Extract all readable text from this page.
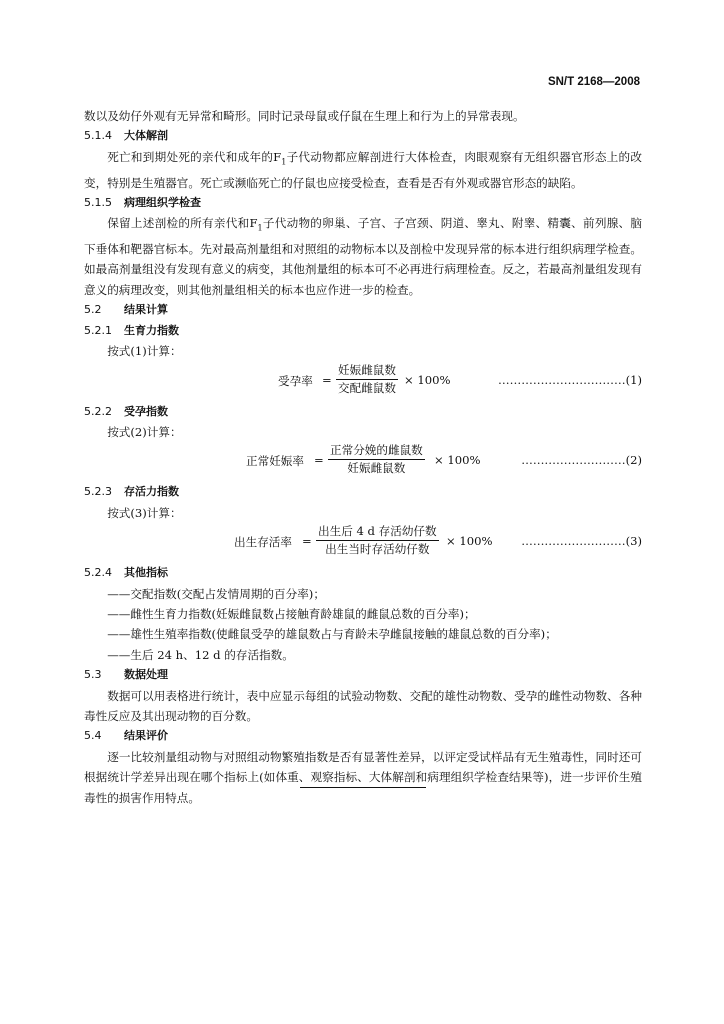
SN/T 2168—2008

数以及幼仔外观有无异常和畸形。同时记录母鼠或仔鼠在生理上和行为上的异常表现。

5.1.4 大体解剖

死亡和到期处死的亲代和成年的$F_1$子代动物都应解剖进行大体检查，肉眼观察有无组织器官形态上的改变，特别是生殖器官。死亡或濒临死亡的仔鼠也应接受检查，查看是否有外观或器官形态的缺陷。

5.1.5 病理组织学检查

保留上述剖检的所有亲代和$F_1$子代动物的卵巢、子宫、子宫颈、阴道、睾丸、附睾、精囊、前列腺、脑下垂体和靶器官标本。先对最高剂量组和对照组的动物标本以及剖检中发现异常的标本进行组织病理学检查。如最高剂量组没有发现有意义的病变，其他剂量组的标本可不必再进行病理检查。反之，若最高剂量组发现有意义的病理改变，则其他剂量组相关的标本也应作进一步的检查。

5.2 结果计算

5.2.1 生育力指数

按式(1)计算：

受孕率 =
妊娠雌鼠数
交配雌鼠数
× 100%	……………………………(1)

5.2.2 受孕指数

按式(2)计算：

正常妊娠率 =
正常分娩的雌鼠数
妊娠雌鼠数
× 100%	………………………(2)

5.2.3 存活力指数

按式(3)计算：

出生存活率 =
出生后 4 d 存活幼仔数
出生当时存活幼仔数
× 100% ………………………(3)

5.2.4 其他指标

——交配指数(交配占发情周期的百分率)；

——雌性生育力指数(妊娠雌鼠数占接触育龄雄鼠的雌鼠总数的百分率)；

——雄性生殖率指数(使雌鼠受孕的雄鼠数占与育龄未孕雌鼠接触的雄鼠总数的百分率)；

——生后 24 h、12 d 的存活指数。

5.3 数据处理

数据可以用表格进行统计，表中应显示每组的试验动物数、交配的雄性动物数、受孕的雌性动物数、各种毒性反应及其出现动物的百分数。

5.4 结果评价

逐一比较剂量组动物与对照组动物繁殖指数是否有显著性差异，以评定受试样品有无生殖毒性，同时还可根据统计学差异出现在哪个指标上(如体重、观察指标、大体解剖和病理组织学检查结果等)，进一步评价生殖毒性的损害作用特点。
